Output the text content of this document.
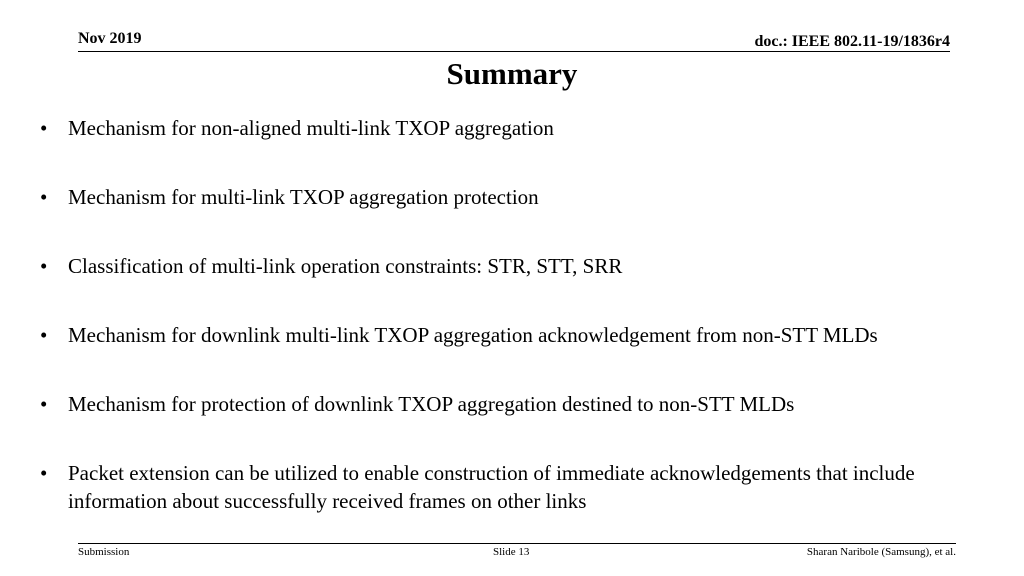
Nov 2019	doc.: IEEE 802.11-19/1836r4
Summary
• Mechanism for non-aligned multi-link TXOP aggregation
• Mechanism for multi-link TXOP aggregation protection
• Classification of multi-link operation constraints: STR, STT, SRR
• Mechanism for downlink multi-link TXOP aggregation acknowledgement from non-STT MLDs
• Mechanism for protection of downlink TXOP aggregation destined to non-STT MLDs
• Packet extension can be utilized to enable construction of immediate acknowledgements that include information about successfully received frames on other links
Submission	Slide 13	Sharan Naribole (Samsung), et al.
